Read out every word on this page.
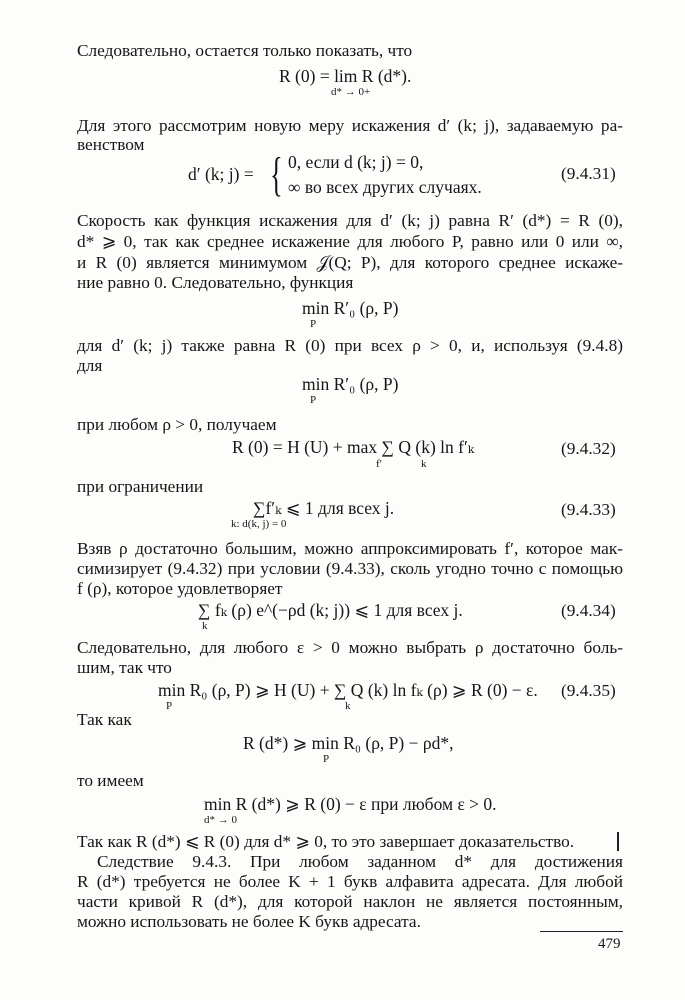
Следовательно, остается только показать, что
R (0) = lim R (d*).
d* → 0+
Для этого рассмотрим новую меру искажения d′ (k; j), задаваемую ра-
венством
d′ (k; j) = { 0, если d (k; j) = 0,
∞ во всех других случаях.
(9.4.31)
Скорость как функция искажения для d′ (k; j) равна R′ (d*) = R (0),
d* ⩾ 0, так как среднее искажение для любого P, равно или 0 или ∞,
и R (0) является минимумом 𝒥(Q; P), для которого среднее искаже-
ние равно 0. Следовательно, функция
min R′₀ (ρ, P)
P
для d′ (k; j) также равна R (0) при всех ρ > 0, и, используя (9.4.8)
для
min R′₀ (ρ, P)
P
при любом ρ > 0, получаем
R (0) = H (U) + max ∑ Q (k) ln f′ₖ
f′	k
(9.4.32)
при ограничении
∑f′ₖ ⩽ 1 для всех j.
k: d(k, j) = 0
(9.4.33)
Взяв ρ достаточно большим, можно аппроксимировать f′, которое мак-
симизирует (9.4.32) при условии (9.4.33), сколь угодно точно с помощью
f (ρ), которое удовлетворяет
∑ fₖ (ρ) e^(−ρd (k; j)) ⩽ 1 для всех j.
k
(9.4.34)
Следовательно, для любого ε > 0 можно выбрать ρ достаточно боль-
шим, так что
min R₀ (ρ, P) ⩾ H (U) + ∑ Q (k) ln fₖ (ρ) ⩾ R (0) − ε.
P	k
(9.4.35)
Так как
R (d*) ⩾ min R₀ (ρ, P) − ρd*,
P
то имеем
min R (d*) ⩾ R (0) − ε при любом ε > 0.
d* → 0
Так как R (d*) ⩽ R (0) для d* ⩾ 0, то это завершает доказательство.
Следствие 9.4.3. При любом заданном d* для достижения
R (d*) требуется не более K + 1 букв алфавита адресата. Для любой
части кривой R (d*), для которой наклон не является постоянным,
можно использовать не более K букв адресата.
479
